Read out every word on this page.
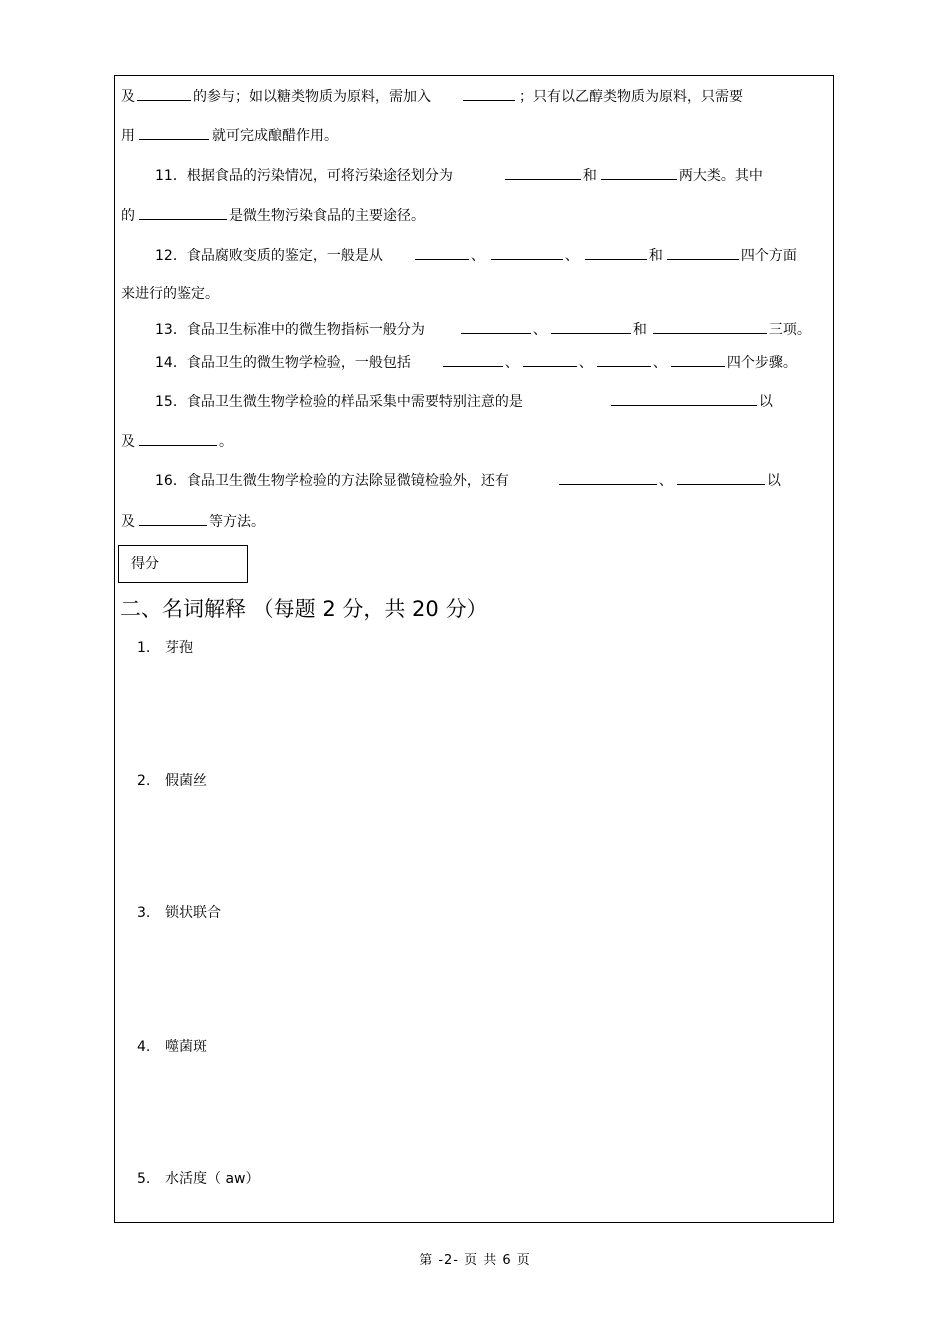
及	的参与；如以糖类物质为原料，需加入	；只有以乙醇类物质为原料，只需要
用	就可完成酿醋作用。
11．根据食品的污染情况，可将污染途径划分为	和	两大类。其中
的	是微生物污染食品的主要途径。
12．食品腐败变质的鉴定，一般是从	、	、	和	四个方面
来进行的鉴定。
13．食品卫生标准中的微生物指标一般分为	、	和	三项。
14．食品卫生的微生物学检验，一般包括	、	、	、	四个步骤。
15．食品卫生微生物学检验的样品采集中需要特别注意的是	以
及	。
16．食品卫生微生物学检验的方法除显微镜检验外，还有	、	以
及	等方法。
得分
二、名词解释 （每题 2 分，共 20 分）
1. 芽孢
2. 假菌丝
3. 锁状联合
4. 噬菌斑
5. 水活度（ aw）
第 -2- 页 共 6 页
